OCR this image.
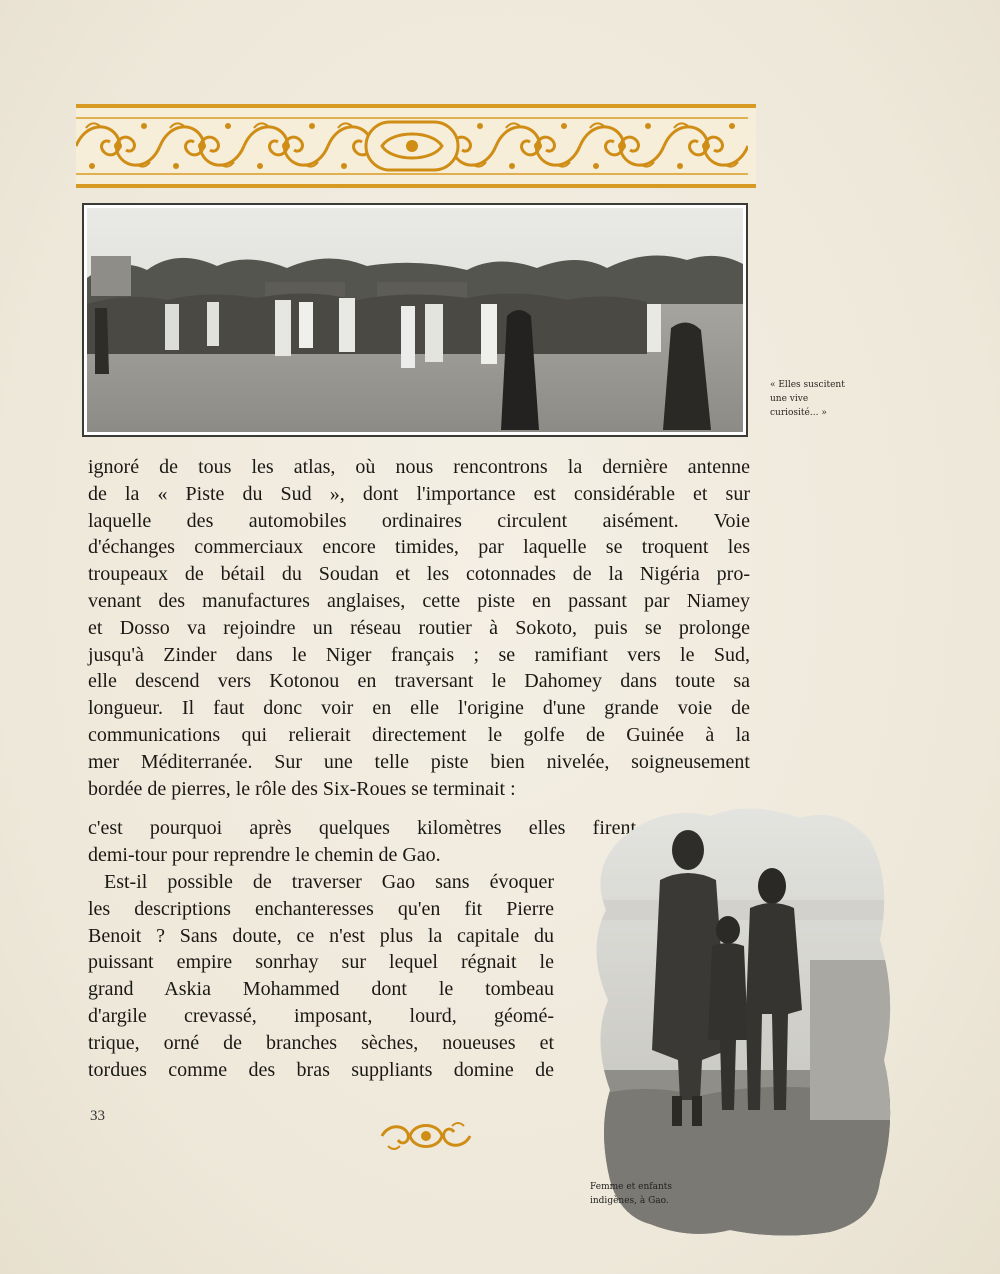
« Elles suscitent
une vive
curiosité... »
ignoré de tous les atlas, où nous rencontrons la dernière antenne
de la « Piste du Sud », dont l'importance est considérable et sur
laquelle des automobiles ordinaires circulent aisément. Voie
d'échanges commerciaux encore timides, par laquelle se troquent les
troupeaux de bétail du Soudan et les cotonnades de la Nigéria pro-
venant des manufactures anglaises, cette piste en passant par Niamey
et Dosso va rejoindre un réseau routier à Sokoto, puis se prolonge
jusqu'à Zinder dans le Niger français ; se ramifiant vers le Sud,
elle descend vers Kotonou en traversant le Dahomey dans toute sa
longueur. Il faut donc voir en elle l'origine d'une grande voie de
communications qui relierait directement le golfe de Guinée à la
mer Méditerranée. Sur une telle piste bien nivelée, soigneusement
bordée de pierres, le rôle des Six-Roues se terminait :
c'est pourquoi après quelques kilomètres elles firent
demi-tour pour reprendre le chemin de Gao.
Est-il possible de traverser Gao sans évoquer
les descriptions enchanteresses qu'en fit Pierre
Benoit ? Sans doute, ce n'est plus la capitale du
puissant empire sonrhay sur lequel régnait le
grand Askia Mohammed dont le tombeau
d'argile crevassé, imposant, lourd, géomé-
trique, orné de branches sèches, noueuses et
tordues comme des bras suppliants domine de
33
Femme et enfants
indigènes, à Gao.
